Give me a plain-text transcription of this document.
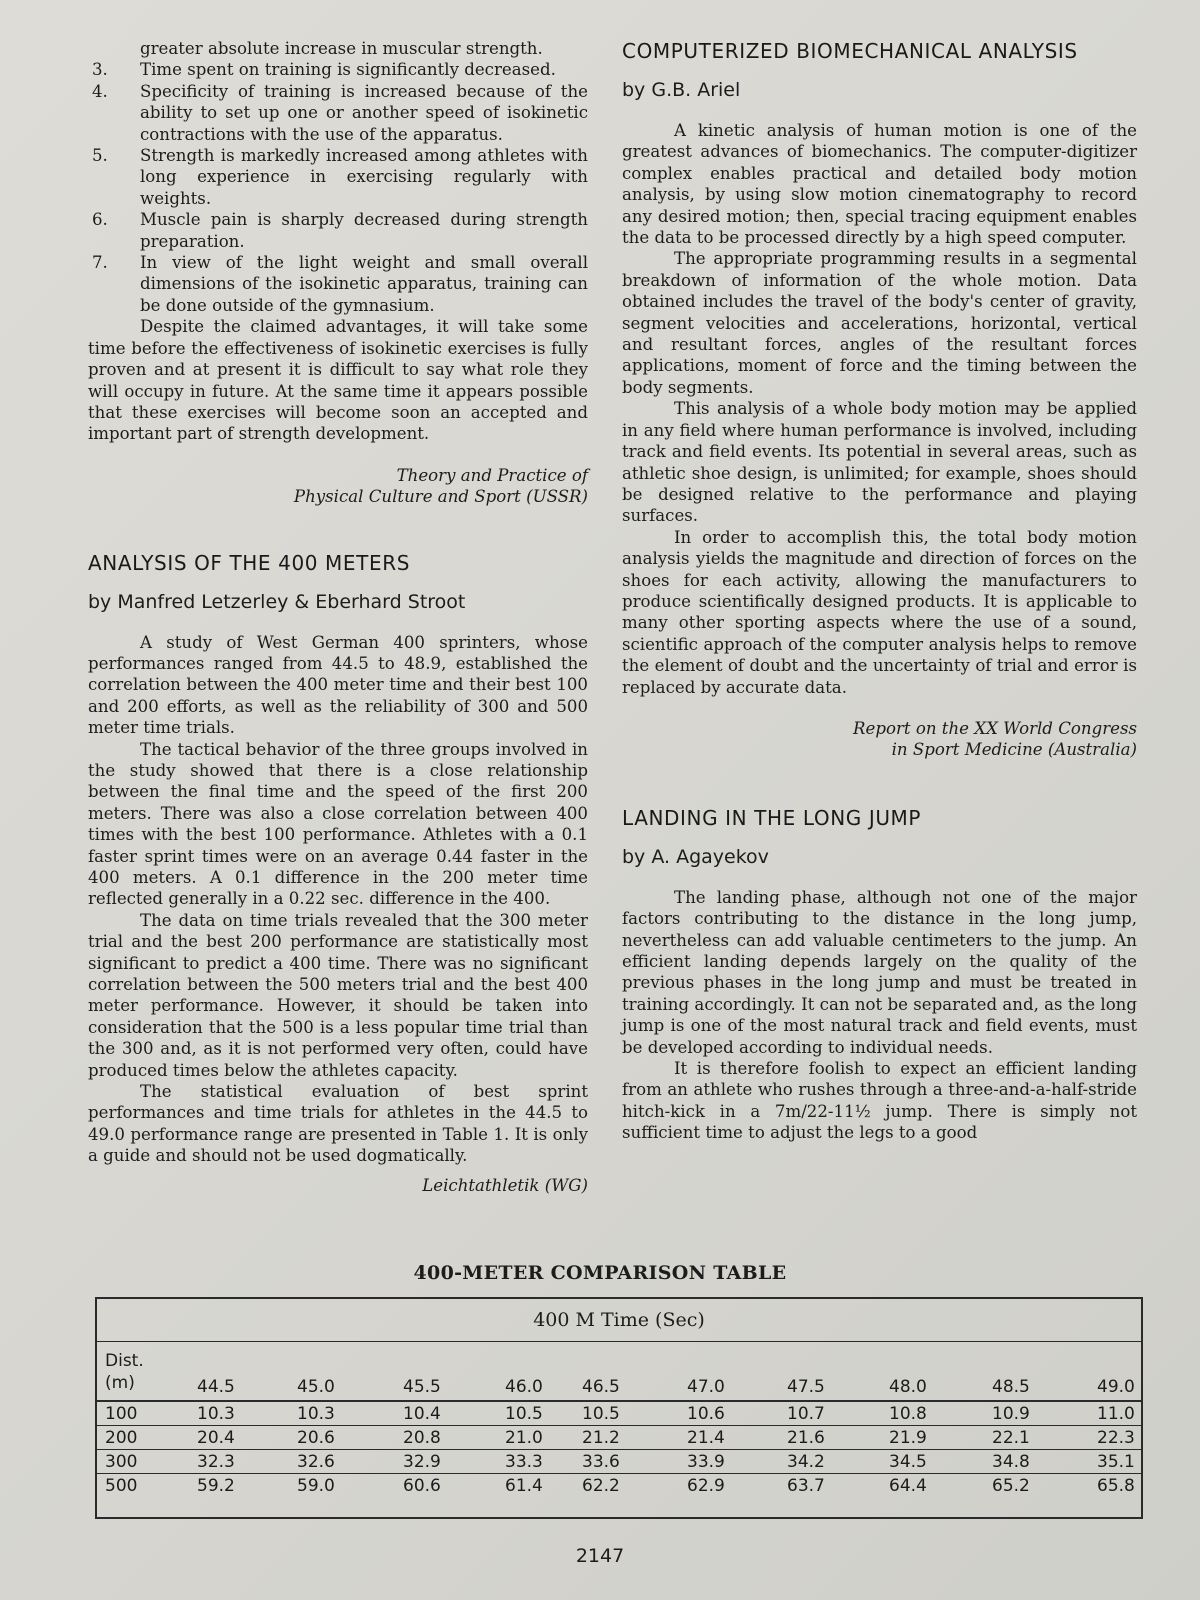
greater absolute increase in muscular strength.

3. Time spent on training is significantly decreased.
4. Specificity of training is increased because of the ability to set up one or another speed of isokinetic contractions with the use of the apparatus.
5. Strength is markedly increased among athletes with long experience in exercising regularly with weights.
6. Muscle pain is sharply decreased during strength preparation.
7. In view of the light weight and small overall dimensions of the isokinetic apparatus, training can be done outside of the gymnasium.

Despite the claimed advantages, it will take some time before the effectiveness of isokinetic exercises is fully proven and at present it is difficult to say what role they will occupy in future. At the same time it appears possible that these exercises will become soon an accepted and important part of strength development.

Theory and Practice of

Physical Culture and Sport (USSR)

ANALYSIS OF THE 400 METERS
by Manfred Letzerley & Eberhard Stroot

A study of West German 400 sprinters, whose performances ranged from 44.5 to 48.9, established the correlation between the 400 meter time and their best 100 and 200 efforts, as well as the reliability of 300 and 500 meter time trials.

The tactical behavior of the three groups involved in the study showed that there is a close relationship between the final time and the speed of the first 200 meters. There was also a close correlation between 400 times with the best 100 performance. Athletes with a 0.1 faster sprint times were on an average 0.44 faster in the 400 meters. A 0.1 difference in the 200 meter time reflected generally in a 0.22 sec. difference in the 400.

The data on time trials revealed that the 300 meter trial and the best 200 performance are statistically most significant to predict a 400 time. There was no significant correlation between the 500 meters trial and the best 400 meter performance. However, it should be taken into consideration that the 500 is a less popular time trial than the 300 and, as it is not performed very often, could have produced times below the athletes capacity.

The statistical evaluation of best sprint performances and time trials for athletes in the 44.5 to 49.0 performance range are presented in Table 1. It is only a guide and should not be used dogmatically.

Leichtathletik (WG)

COMPUTERIZED BIOMECHANICAL ANALYSIS
by G.B. Ariel

A kinetic analysis of human motion is one of the greatest advances of biomechanics. The computer-digitizer complex enables practical and detailed body motion analysis, by using slow motion cinematography to record any desired motion; then, special tracing equipment enables the data to be processed directly by a high speed computer.

The appropriate programming results in a segmental breakdown of information of the whole motion. Data obtained includes the travel of the body's center of gravity, segment velocities and accelerations, horizontal, vertical and resultant forces, angles of the resultant forces applications, moment of force and the timing between the body segments.

This analysis of a whole body motion may be applied in any field where human performance is involved, including track and field events. Its potential in several areas, such as athletic shoe design, is unlimited; for example, shoes should be designed relative to the performance and playing surfaces.

In order to accomplish this, the total body motion analysis yields the magnitude and direction of forces on the shoes for each activity, allowing the manufacturers to produce scientifically designed products. It is applicable to many other sporting aspects where the use of a sound, scientific approach of the computer analysis helps to remove the element of doubt and the uncertainty of trial and error is replaced by accurate data.

Report on the XX World Congress

in Sport Medicine (Australia)

LANDING IN THE LONG JUMP
by A. Agayekov

The landing phase, although not one of the major factors contributing to the distance in the long jump, nevertheless can add valuable centimeters to the jump. An efficient landing depends largely on the quality of the previous phases in the long jump and must be treated in training accordingly. It can not be separated and, as the long jump is one of the most natural track and field events, must be developed according to individual needs.

It is therefore foolish to expect an efficient landing from an athlete who rushes through a three-and-a-half-stride hitch-kick in a 7m/22-11½ jump. There is simply not sufficient time to adjust the legs to a good

400-METER COMPARISON TABLE
400 M Time (Sec)
Dist.
(m)	44.5	45.0	45.5	46.0 46.5	47.0	47.5	48.0	48.5	49.0
100	10.3	10.3	10.4	10.5 10.5	10.6	10.7	10.8	10.9	11.0
200	20.4	20.6	20.8	21.0 21.2	21.4	21.6	21.9	22.1	22.3
300	32.3	32.6	32.9	33.3 33.6	33.9	34.2	34.5	34.8	35.1
500	59.2	59.0	60.6	61.4 62.2	62.9	63.7	64.4	65.2	65.8
2147
